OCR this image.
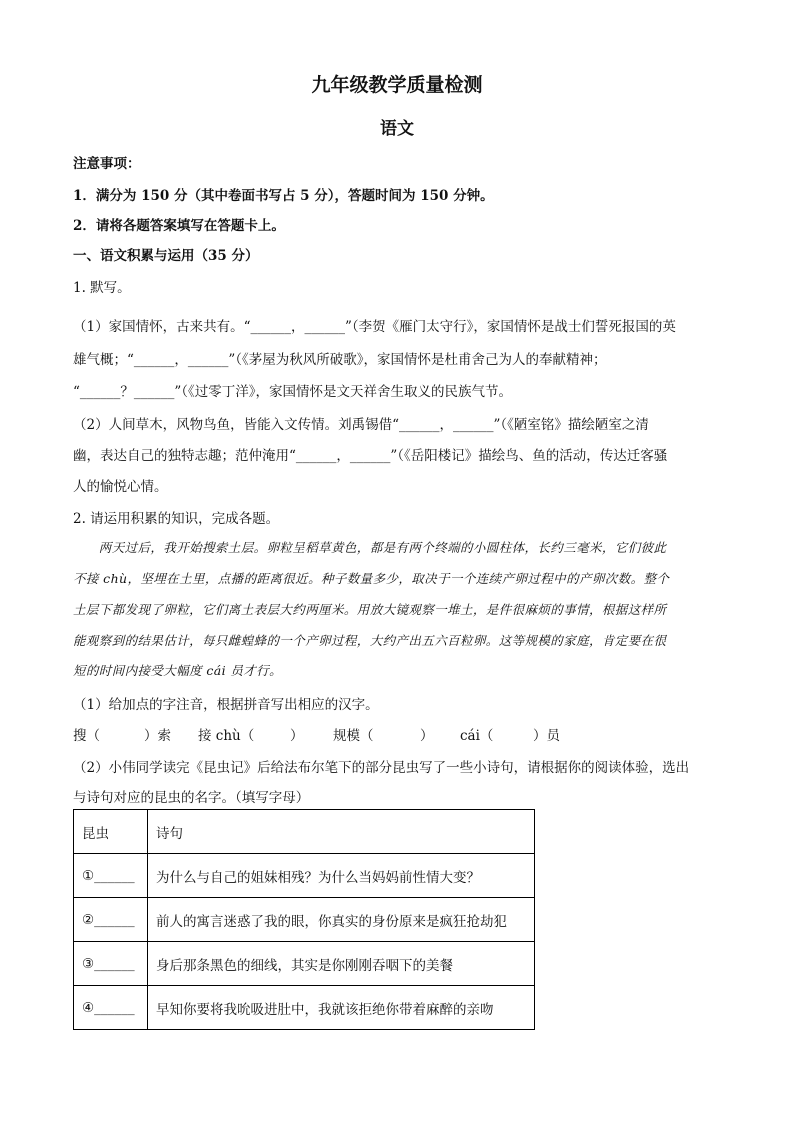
九年级教学质量检测
语文
注意事项：
1．满分为 150 分（其中卷面书写占 5 分），答题时间为 150 分钟。
2．请将各题答案填写在答题卡上。
一、语文积累与运用（35 分）
1. 默写。
（1）家国情怀，古来共有。“______，______”（李贺《雁门太守行》，家国情怀是战士们誓死报国的英
雄气概；“______，______”（《茅屋为秋风所破歌》，家国情怀是杜甫舍己为人的奉献精神；
“______？______”（《过零丁洋》，家国情怀是文天祥舍生取义的民族气节。
（2）人间草木，风物鸟鱼，皆能入文传情。刘禹锡借“______，______”（《陋室铭》描绘陋室之清
幽，表达自己的独特志趣；范仲淹用“______，______”（《岳阳楼记》描绘鸟、鱼的活动，传达迁客骚
人的愉悦心情。
2. 请运用积累的知识，完成各题。
　　两天过后，我开始搜索土层。卵粒呈稻草黄色，都是有两个终端的小圆柱体，长约三毫米，它们彼此
不接 chù，坚埋在土里，点播的距离很近。种子数量多少，取决于一个连续产卵过程中的产卵次数。整个
土层下都发现了卵粒，它们离土表层大约两厘米。用放大镜观察一堆土，是件很麻烦的事情，根据这样所
能观察到的结果估计，每只雌蝗蜂的一个产卵过程，大约产出五六百粒卵。这等规模的家庭，肯定要在很
短的时间内接受大幅度 cái 员才行。
（1）给加点的字注音，根据拼音写出相应的汉字。
搜（	）索 接 chù（	） 规模（	） cái（	）员
（2）小伟同学读完《昆虫记》后给法布尔笔下的部分昆虫写了一些小诗句，请根据你的阅读体验，选出
与诗句对应的昆虫的名字。（填写字母）
昆虫	诗句
①______	为什么与自己的姐妹相残？为什么当妈妈前性情大变？
②______	前人的寓言迷惑了我的眼，你真实的身份原来是疯狂抢劫犯
③______	身后那条黑色的细线，其实是你刚刚吞咽下的美餐
④______	早知你要将我吮吸进肚中，我就该拒绝你带着麻醉的亲吻
